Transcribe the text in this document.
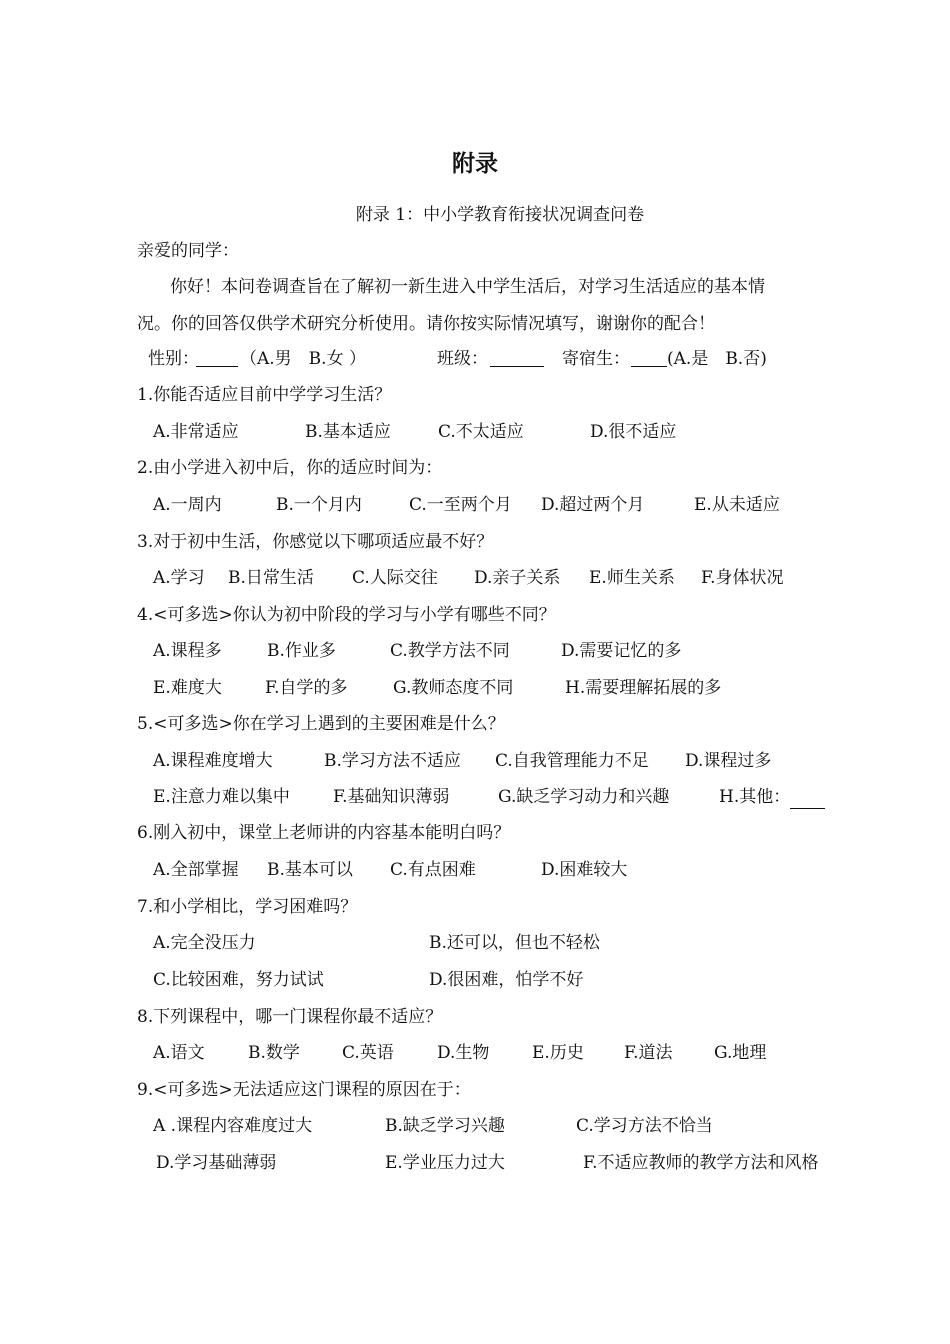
附录
附录 1：中小学教育衔接状况调查问卷
亲爱的同学：
你好！本问卷调查旨在了解初一新生进入中学生活后，对学习生活适应的基本情
况。你的回答仅供学术研究分析使用。请你按实际情况填写，谢谢你的配合！
性别： （A.男　B.女 ）	班级：	寄宿生： (A.是　B.否)
1.你能否适应目前中学学习生活？
A.非常适应	B.基本适应	C.不太适应	D.很不适应
2.由小学进入初中后，你的适应时间为：
A.一周内	B.一个月内	C.一至两个月 D.超过两个月	E.从未适应
3.对于初中生活，你感觉以下哪项适应最不好？
A.学习 B.日常生活 C.人际交往 D.亲子关系 E.师生关系 F.身体状况
4.<可多选>你认为初中阶段的学习与小学有哪些不同？
A.课程多	B.作业多	C.教学方法不同	D.需要记忆的多
E.难度大	F.自学的多	G.教师态度不同	H.需要理解拓展的多
5.<可多选>你在学习上遇到的主要困难是什么？
A.课程难度增大	B.学习方法不适应 C.自我管理能力不足 D.课程过多
E.注意力难以集中	F.基础知识薄弱	G.缺乏学习动力和兴趣	H.其他：
6.刚入初中，课堂上老师讲的内容基本能明白吗？
A.全部掌握 B.基本可以 C.有点困难	D.困难较大
7.和小学相比，学习困难吗？
A.完全没压力	B.还可以，但也不轻松
C.比较困难，努力试试	D.很困难，怕学不好
8.下列课程中，哪一门课程你最不适应？
A.语文	B.数学 C.英语	D.生物	E.历史 F.道法 G.地理
9.<可多选>无法适应这门课程的原因在于：
A .课程内容难度过大	B.缺乏学习兴趣	C.学习方法不恰当
D.学习基础薄弱	E.学业压力过大	F.不适应教师的教学方法和风格
